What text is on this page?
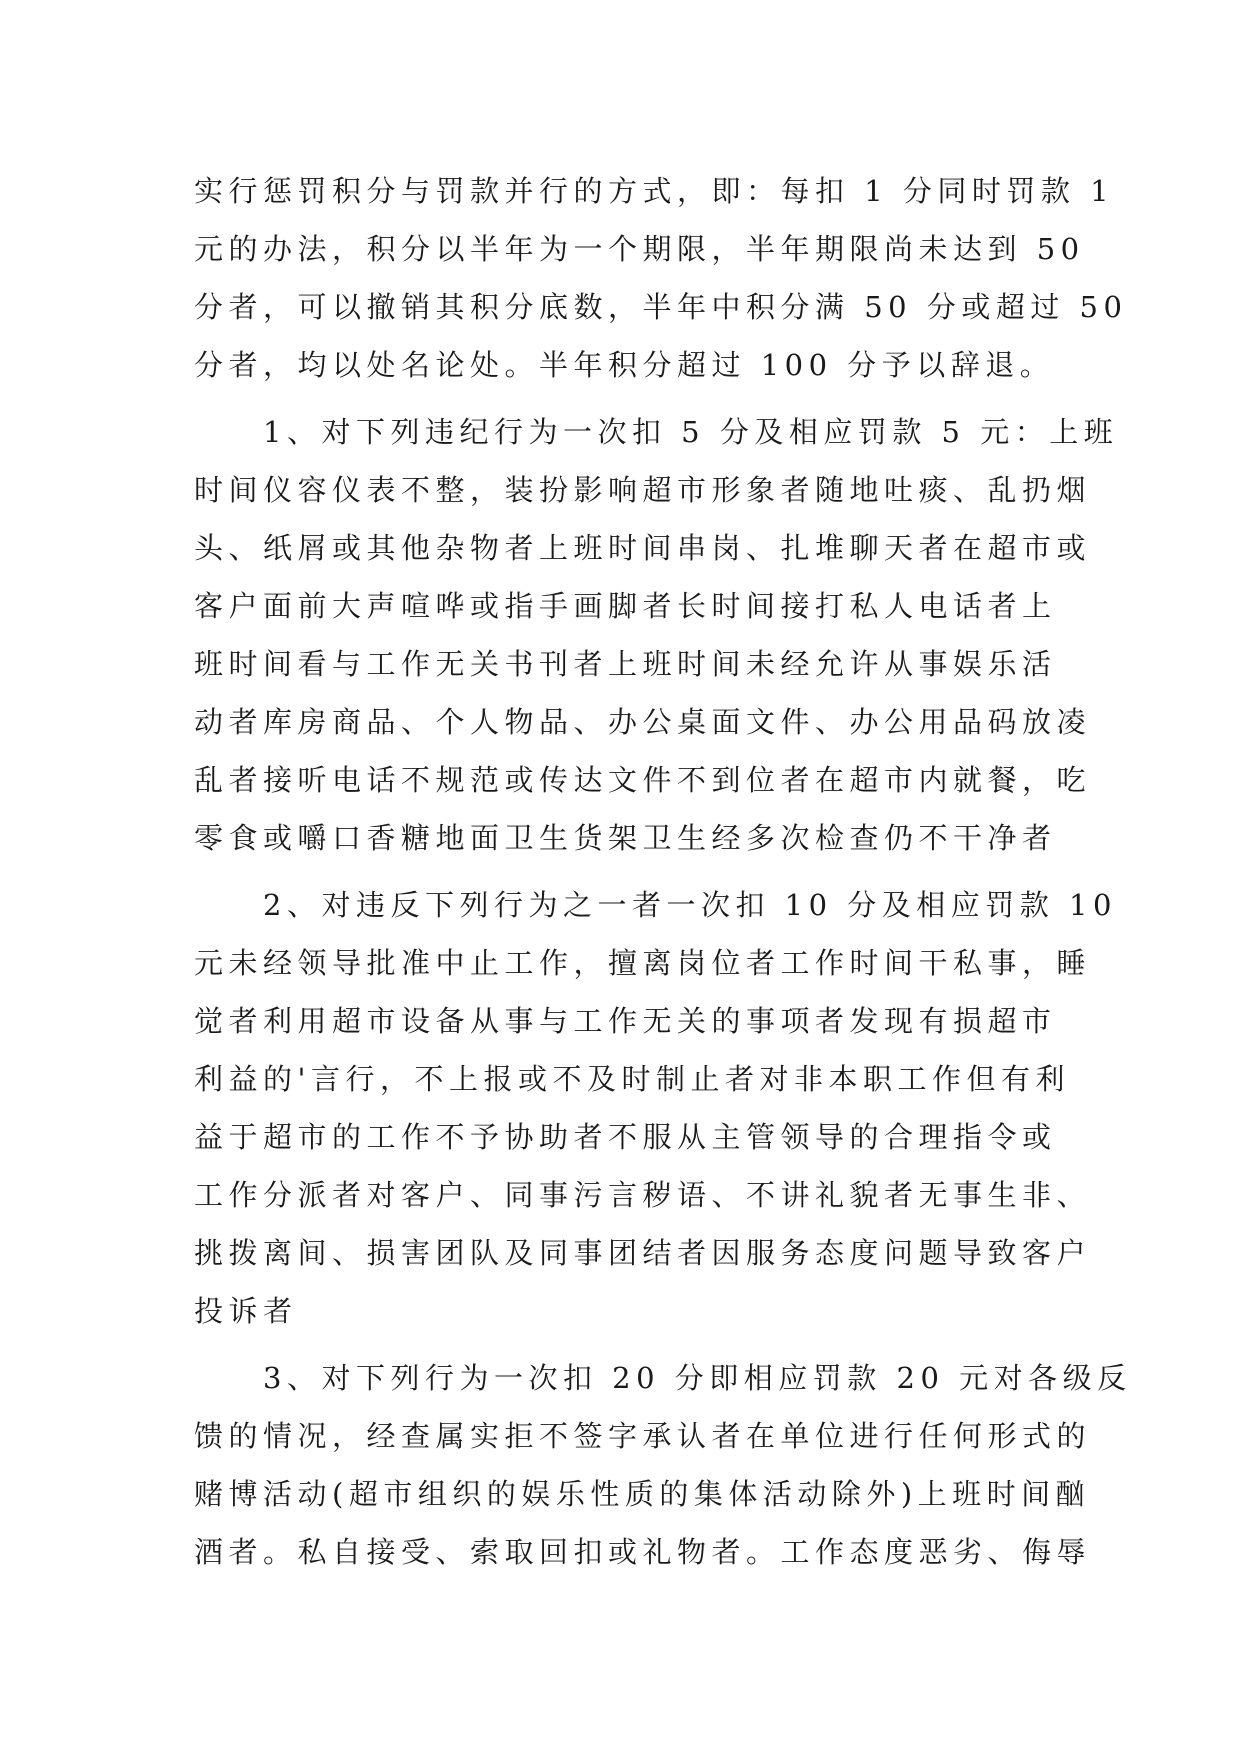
实行惩罚积分与罚款并行的方式，即：每扣 1 分同时罚款 1

元的办法，积分以半年为一个期限，半年期限尚未达到 50

分者，可以撤销其积分底数，半年中积分满 50 分或超过 50

分者，均以处名论处。半年积分超过 100 分予以辞退。

　　1、对下列违纪行为一次扣 5 分及相应罚款 5 元：上班

时间仪容仪表不整，装扮影响超市形象者随地吐痰、乱扔烟

头、纸屑或其他杂物者上班时间串岗、扎堆聊天者在超市或

客户面前大声喧哗或指手画脚者长时间接打私人电话者上

班时间看与工作无关书刊者上班时间未经允许从事娱乐活

动者库房商品、个人物品、办公桌面文件、办公用品码放凌

乱者接听电话不规范或传达文件不到位者在超市内就餐，吃

零食或嚼口香糖地面卫生货架卫生经多次检查仍不干净者

　　2、对违反下列行为之一者一次扣 10 分及相应罚款 10

元未经领导批准中止工作，擅离岗位者工作时间干私事，睡

觉者利用超市设备从事与工作无关的事项者发现有损超市

利益的'言行，不上报或不及时制止者对非本职工作但有利

益于超市的工作不予协助者不服从主管领导的合理指令或

工作分派者对客户、同事污言秽语、不讲礼貌者无事生非、

挑拨离间、损害团队及同事团结者因服务态度问题导致客户

投诉者

　　3、对下列行为一次扣 20 分即相应罚款 20 元对各级反

馈的情况，经查属实拒不签字承认者在单位进行任何形式的

赌博活动(超市组织的娱乐性质的集体活动除外)上班时间酗

酒者。私自接受、索取回扣或礼物者。工作态度恶劣、侮辱
